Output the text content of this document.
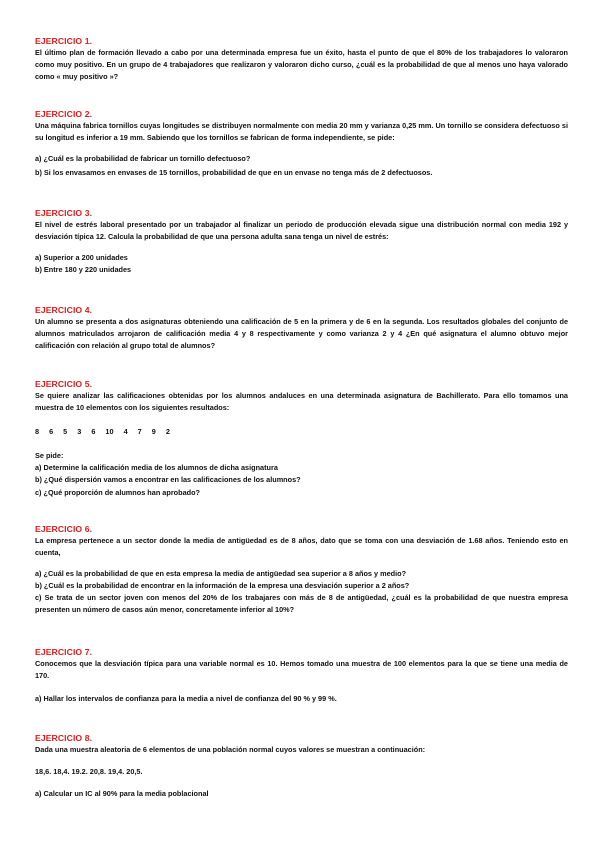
EJERCICIO 1.

El último plan de formación llevado a cabo por una determinada empresa fue un éxito, hasta el punto de que el 80% de los trabajadores lo valoraron como muy positivo. En un grupo de 4 trabajadores que realizaron y valoraron dicho curso, ¿cuál es la probabilidad de que al menos uno haya valorado como « muy positivo »?

EJERCICIO 2.

Una máquina fabrica tornillos cuyas longitudes se distribuyen normalmente con media 20 mm y varianza 0,25 mm. Un tornillo se considera defectuoso si su longitud es inferior a 19 mm. Sabiendo que los tornillos se fabrican de forma independiente, se pide:

a) ¿Cuál es la probabilidad de fabricar un tornillo defectuoso?

b) Si los envasamos en envases de 15 tornillos, probabilidad de que en un envase no tenga más de 2 defectuosos.

EJERCICIO 3.

El nivel de estrés laboral presentado por un trabajador al finalizar un periodo de producción elevada sigue una distribución normal con media 192 y desviación típica 12. Calcula la probabilidad de que una persona adulta sana tenga un nivel de estrés:

a) Superior a 200 unidades

b) Entre 180 y 220 unidades

EJERCICIO 4.

Un alumno se presenta a dos asignaturas obteniendo una calificación de 5 en la primera y de 6 en la segunda. Los resultados globales del conjunto de alumnos matriculados arrojaron de calificación media 4 y 8 respectivamente y como varianza 2 y 4 ¿En qué asignatura el alumno obtuvo mejor calificación con relación al grupo total de alumnos?

EJERCICIO 5.

Se quiere analizar las calificaciones obtenidas por los alumnos andaluces en una determinada asignatura de Bachillerato. Para ello tomamos una muestra de 10 elementos con los siguientes resultados:

8 6 5 3 6 10 4 7 9 2

Se pide:

a) Determine la calificación media de los alumnos de dicha asignatura

b) ¿Qué dispersión vamos a encontrar en las calificaciones de los alumnos?

c) ¿Qué proporción de alumnos han aprobado?

EJERCICIO 6.

La empresa pertenece a un sector donde la media de antigüedad es de 8 años, dato que se toma con una desviación de 1.68 años. Teniendo esto en cuenta,

a) ¿Cuál es la probabilidad de que en esta empresa la media de antigüedad sea superior a 8 años y medio?

b) ¿Cuál es la probabilidad de encontrar en la información de la empresa una desviación superior a 2 años?

c) Se trata de un sector joven con menos del 20% de los trabajares con más de 8 de antigüedad, ¿cuál es la probabilidad de que nuestra empresa presenten un número de casos aún menor, concretamente inferior al 10%?

EJERCICIO 7.

Conocemos que la desviación típica para una variable normal es 10. Hemos tomado una muestra de 100 elementos para la que se tiene una media de 170.

a) Hallar los intervalos de confianza para la media a nivel de confianza del 90 % y 99 %.

EJERCICIO 8.

Dada una muestra aleatoria de 6 elementos de una población normal cuyos valores se muestran a continuación:

18,6. 18,4. 19.2. 20,8. 19,4. 20,5.

a) Calcular un IC al 90% para la media poblacional
